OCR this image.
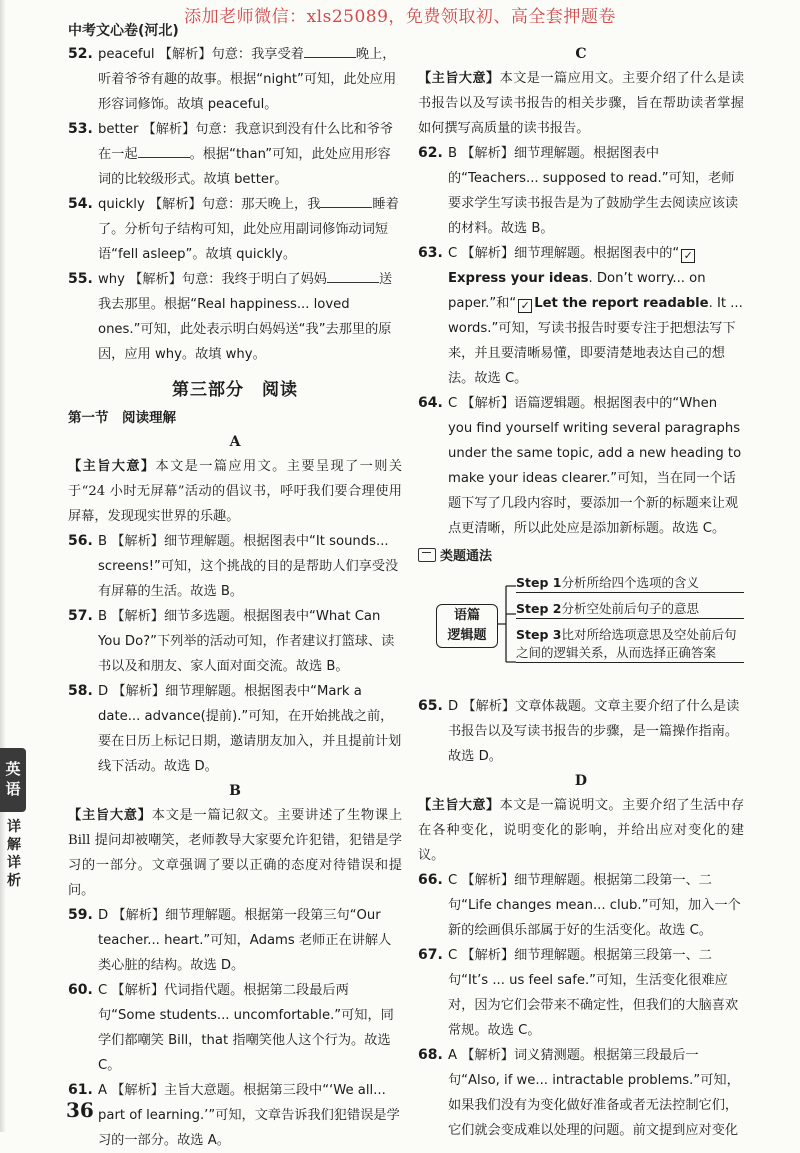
添加老师微信：xls25089，免费领取初、高全套押题卷
中考文心卷(河北)
52. peaceful 【解析】句意：我享受着	晚上，听着爷爷有趣的故事。根据“night”可知，此处应用形容词修饰。故填 peaceful。
53. better 【解析】句意：我意识到没有什么比和爷爷在一起	。根据“than”可知，此处应用形容词的比较级形式。故填 better。
54. quickly 【解析】句意：那天晚上，我	睡着了。分析句子结构可知，此处应用副词修饰动词短语“fell asleep”。故填 quickly。
55. why 【解析】句意：我终于明白了妈妈	送我去那里。根据“Real happiness... loved ones.”可知，此处表示明白妈妈送“我”去那里的原因，应用 why。故填 why。
第三部分　阅读
第一节　阅读理解
A

【主旨大意】本文是一篇应用文。主要呈现了一则关于“24 小时无屏幕”活动的倡议书，呼吁我们要合理使用屏幕，发现现实世界的乐趣。

56. B 【解析】细节理解题。根据图表中“It sounds... screens!”可知，这个挑战的目的是帮助人们享受没有屏幕的生活。故选 B。
57. B 【解析】细节多选题。根据图表中“What Can You Do?”下列举的活动可知，作者建议打篮球、读书以及和朋友、家人面对面交流。故选 B。
58. D 【解析】细节理解题。根据图表中“Mark a date... advance(提前).”可知，在开始挑战之前，要在日历上标记日期，邀请朋友加入，并且提前计划线下活动。故选 D。
B

【主旨大意】本文是一篇记叙文。主要讲述了生物课上 Bill 提问却被嘲笑，老师教导大家要允许犯错，犯错是学习的一部分。文章强调了要以正确的态度对待错误和提问。

59. D 【解析】细节理解题。根据第一段第三句“Our teacher... heart.”可知，Adams 老师正在讲解人类心脏的结构。故选 D。
60. C 【解析】代词指代题。根据第二段最后两句“Some students... uncomfortable.”可知，同学们都嘲笑 Bill，that 指嘲笑他人这个行为。故选 C。
61. A 【解析】主旨大意题。根据第三段中“‘We all... part of learning.’”可知，文章告诉我们犯错误是学习的一部分。故选 A。
C

【主旨大意】本文是一篇应用文。主要介绍了什么是读书报告以及写读书报告的相关步骤，旨在帮助读者掌握如何撰写高质量的读书报告。

62. B 【解析】细节理解题。根据图表中的“Teachers... supposed to read.”可知，老师要求学生写读书报告是为了鼓励学生去阅读应该读的材料。故选 B。
63. C 【解析】细节理解题。根据图表中的“ ✓Express your ideas. Don’t worry... on paper.”和“ ✓ Let the report readable. It ... words.”可知，写读书报告时要专注于把想法写下来，并且要清晰易懂，即要清楚地表达自己的想法。故选 C。
64. C 【解析】语篇逻辑题。根据图表中的“When you find yourself writing several paragraphs under the same topic, add a new heading to make your ideas clearer.”可知，当在同一个话题下写了几段内容时，要添加一个新的标题来让观点更清晰，所以此处应是添加新标题。故选 C。
类题通法
语篇
逻辑题
Step 1分析所给四个选项的含义
Step 2分析空处前后句子的意思
Step 3比对所给选项意思及空处前后句之间的逻辑关系，从而选择正确答案
65. D 【解析】文章体裁题。文章主要介绍了什么是读书报告以及写读书报告的步骤，是一篇操作指南。故选 D。
D

【主旨大意】本文是一篇说明文。主要介绍了生活中存在各种变化，说明变化的影响，并给出应对变化的建议。

66. C 【解析】细节理解题。根据第二段第一、二句“Life changes mean... club.”可知，加入一个新的绘画俱乐部属于好的生活变化。故选 C。
67. C 【解析】细节理解题。根据第三段第一、二句“It’s ... us feel safe.”可知，生活变化很难应对，因为它们会带来不确定性，但我们的大脑喜欢常规。故选 C。
68. A 【解析】词义猜测题。根据第三段最后一句“Also, if we... intractable problems.”可知，如果我们没有为变化做好准备或者无法控制它们，它们就会变成难以处理的问题。前文提到应对变化
英语
详解详析
36
